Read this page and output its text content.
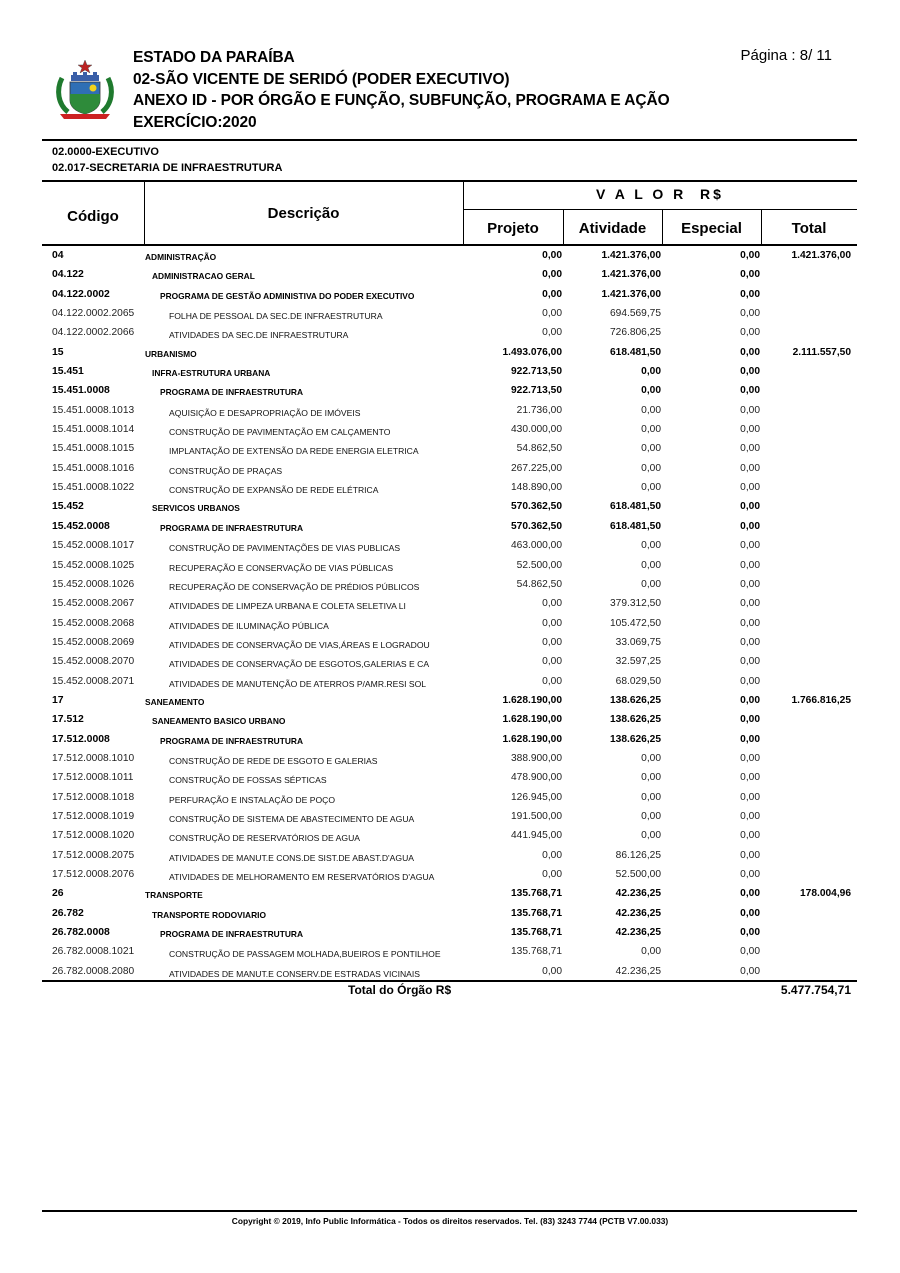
ESTADO DA PARAÍBA
02-SÃO VICENTE DE SERIDÓ (PODER EXECUTIVO)
ANEXO ID - POR ÓRGÃO E FUNÇÃO, SUBFUNÇÃO, PROGRAMA E AÇÃO
EXERCÍCIO:2020
Página : 8/ 11
02.0000-EXECUTIVO
02.017-SECRETARIA DE INFRAESTRUTURA
Código	Descrição
V A L O R  R$
Projeto	Atividade	Especial	Total
04	ADMINISTRAÇÃO	0,00	1.421.376,00	0,00	1.421.376,00
04.122	ADMINISTRACAO GERAL	0,00	1.421.376,00	0,00
04.122.0002	PROGRAMA DE GESTÃO ADMINISTIVA DO PODER EXECUTIVO	0,00	1.421.376,00	0,00
04.122.0002.2065	FOLHA DE PESSOAL DA SEC.DE INFRAESTRUTURA	0,00	694.569,75	0,00
04.122.0002.2066	ATIVIDADES DA SEC.DE INFRAESTRUTURA	0,00	726.806,25	0,00
15	URBANISMO	1.493.076,00	618.481,50	0,00	2.111.557,50
15.451	INFRA-ESTRUTURA URBANA	922.713,50	0,00	0,00
15.451.0008	PROGRAMA DE INFRAESTRUTURA	922.713,50	0,00	0,00
15.451.0008.1013	AQUISIÇÃO E DESAPROPRIAÇÃO DE IMÓVEIS	21.736,00	0,00	0,00
15.451.0008.1014	CONSTRUÇÃO DE PAVIMENTAÇÃO EM CALÇAMENTO	430.000,00	0,00	0,00
15.451.0008.1015	IMPLANTAÇÃO DE EXTENSÃO DA REDE ENERGIA ELETRICA	54.862,50	0,00	0,00
15.451.0008.1016	CONSTRUÇÃO DE PRAÇAS	267.225,00	0,00	0,00
15.451.0008.1022	CONSTRUÇÃO DE EXPANSÃO DE REDE ELÉTRICA	148.890,00	0,00	0,00
15.452	SERVICOS URBANOS	570.362,50	618.481,50	0,00
15.452.0008	PROGRAMA DE INFRAESTRUTURA	570.362,50	618.481,50	0,00
15.452.0008.1017	CONSTRUÇÃO DE PAVIMENTAÇÕES DE VIAS PUBLICAS	463.000,00	0,00	0,00
15.452.0008.1025	RECUPERAÇÃO E CONSERVAÇÃO DE VIAS PÚBLICAS	52.500,00	0,00	0,00
15.452.0008.1026	RECUPERAÇÃO DE CONSERVAÇÃO DE PRÉDIOS PÚBLICOS	54.862,50	0,00	0,00
15.452.0008.2067	ATIVIDADES DE LIMPEZA URBANA E COLETA SELETIVA LI	0,00	379.312,50	0,00
15.452.0008.2068	ATIVIDADES DE ILUMINAÇÃO PÚBLICA	0,00	105.472,50	0,00
15.452.0008.2069	ATIVIDADES DE CONSERVAÇÃO DE VIAS,ÁREAS E LOGRADOU	0,00	33.069,75	0,00
15.452.0008.2070	ATIVIDADES DE CONSERVAÇÃO DE ESGOTOS,GALERIAS E CA	0,00	32.597,25	0,00
15.452.0008.2071	ATIVIDADES DE MANUTENÇÃO DE ATERROS P/AMR.RESI SOL	0,00	68.029,50	0,00
17	SANEAMENTO	1.628.190,00	138.626,25	0,00	1.766.816,25
17.512	SANEAMENTO BASICO URBANO	1.628.190,00	138.626,25	0,00
17.512.0008	PROGRAMA DE INFRAESTRUTURA	1.628.190,00	138.626,25	0,00
17.512.0008.1010	CONSTRUÇÃO DE REDE DE ESGOTO E GALERIAS	388.900,00	0,00	0,00
17.512.0008.1011	CONSTRUÇÃO DE FOSSAS SÉPTICAS	478.900,00	0,00	0,00
17.512.0008.1018	PERFURAÇÃO E INSTALAÇÃO DE POÇO	126.945,00	0,00	0,00
17.512.0008.1019	CONSTRUÇÃO DE SISTEMA DE ABASTECIMENTO DE AGUA	191.500,00	0,00	0,00
17.512.0008.1020	CONSTRUÇÃO DE RESERVATÓRIOS DE AGUA	441.945,00	0,00	0,00
17.512.0008.2075	ATIVIDADES DE MANUT.E CONS.DE SIST.DE ABAST.D'AGUA	0,00	86.126,25	0,00
17.512.0008.2076	ATIVIDADES DE MELHORAMENTO EM RESERVATÓRIOS D'AGUA	0,00	52.500,00	0,00
26	TRANSPORTE	135.768,71	42.236,25	0,00	178.004,96
26.782	TRANSPORTE RODOVIARIO	135.768,71	42.236,25	0,00
26.782.0008	PROGRAMA DE INFRAESTRUTURA	135.768,71	42.236,25	0,00
26.782.0008.1021	CONSTRUÇÃO DE PASSAGEM MOLHADA,BUEIROS E PONTILHOE	135.768,71	0,00	0,00
26.782.0008.2080	ATIVIDADES DE MANUT.E CONSERV.DE ESTRADAS VICINAIS	0,00	42.236,25	0,00
Total do Órgão R$	5.477.754,71
Copyright © 2019, Info Public Informática - Todos os direitos reservados. Tel. (83) 3243 7744 (PCTB V7.00.033)
